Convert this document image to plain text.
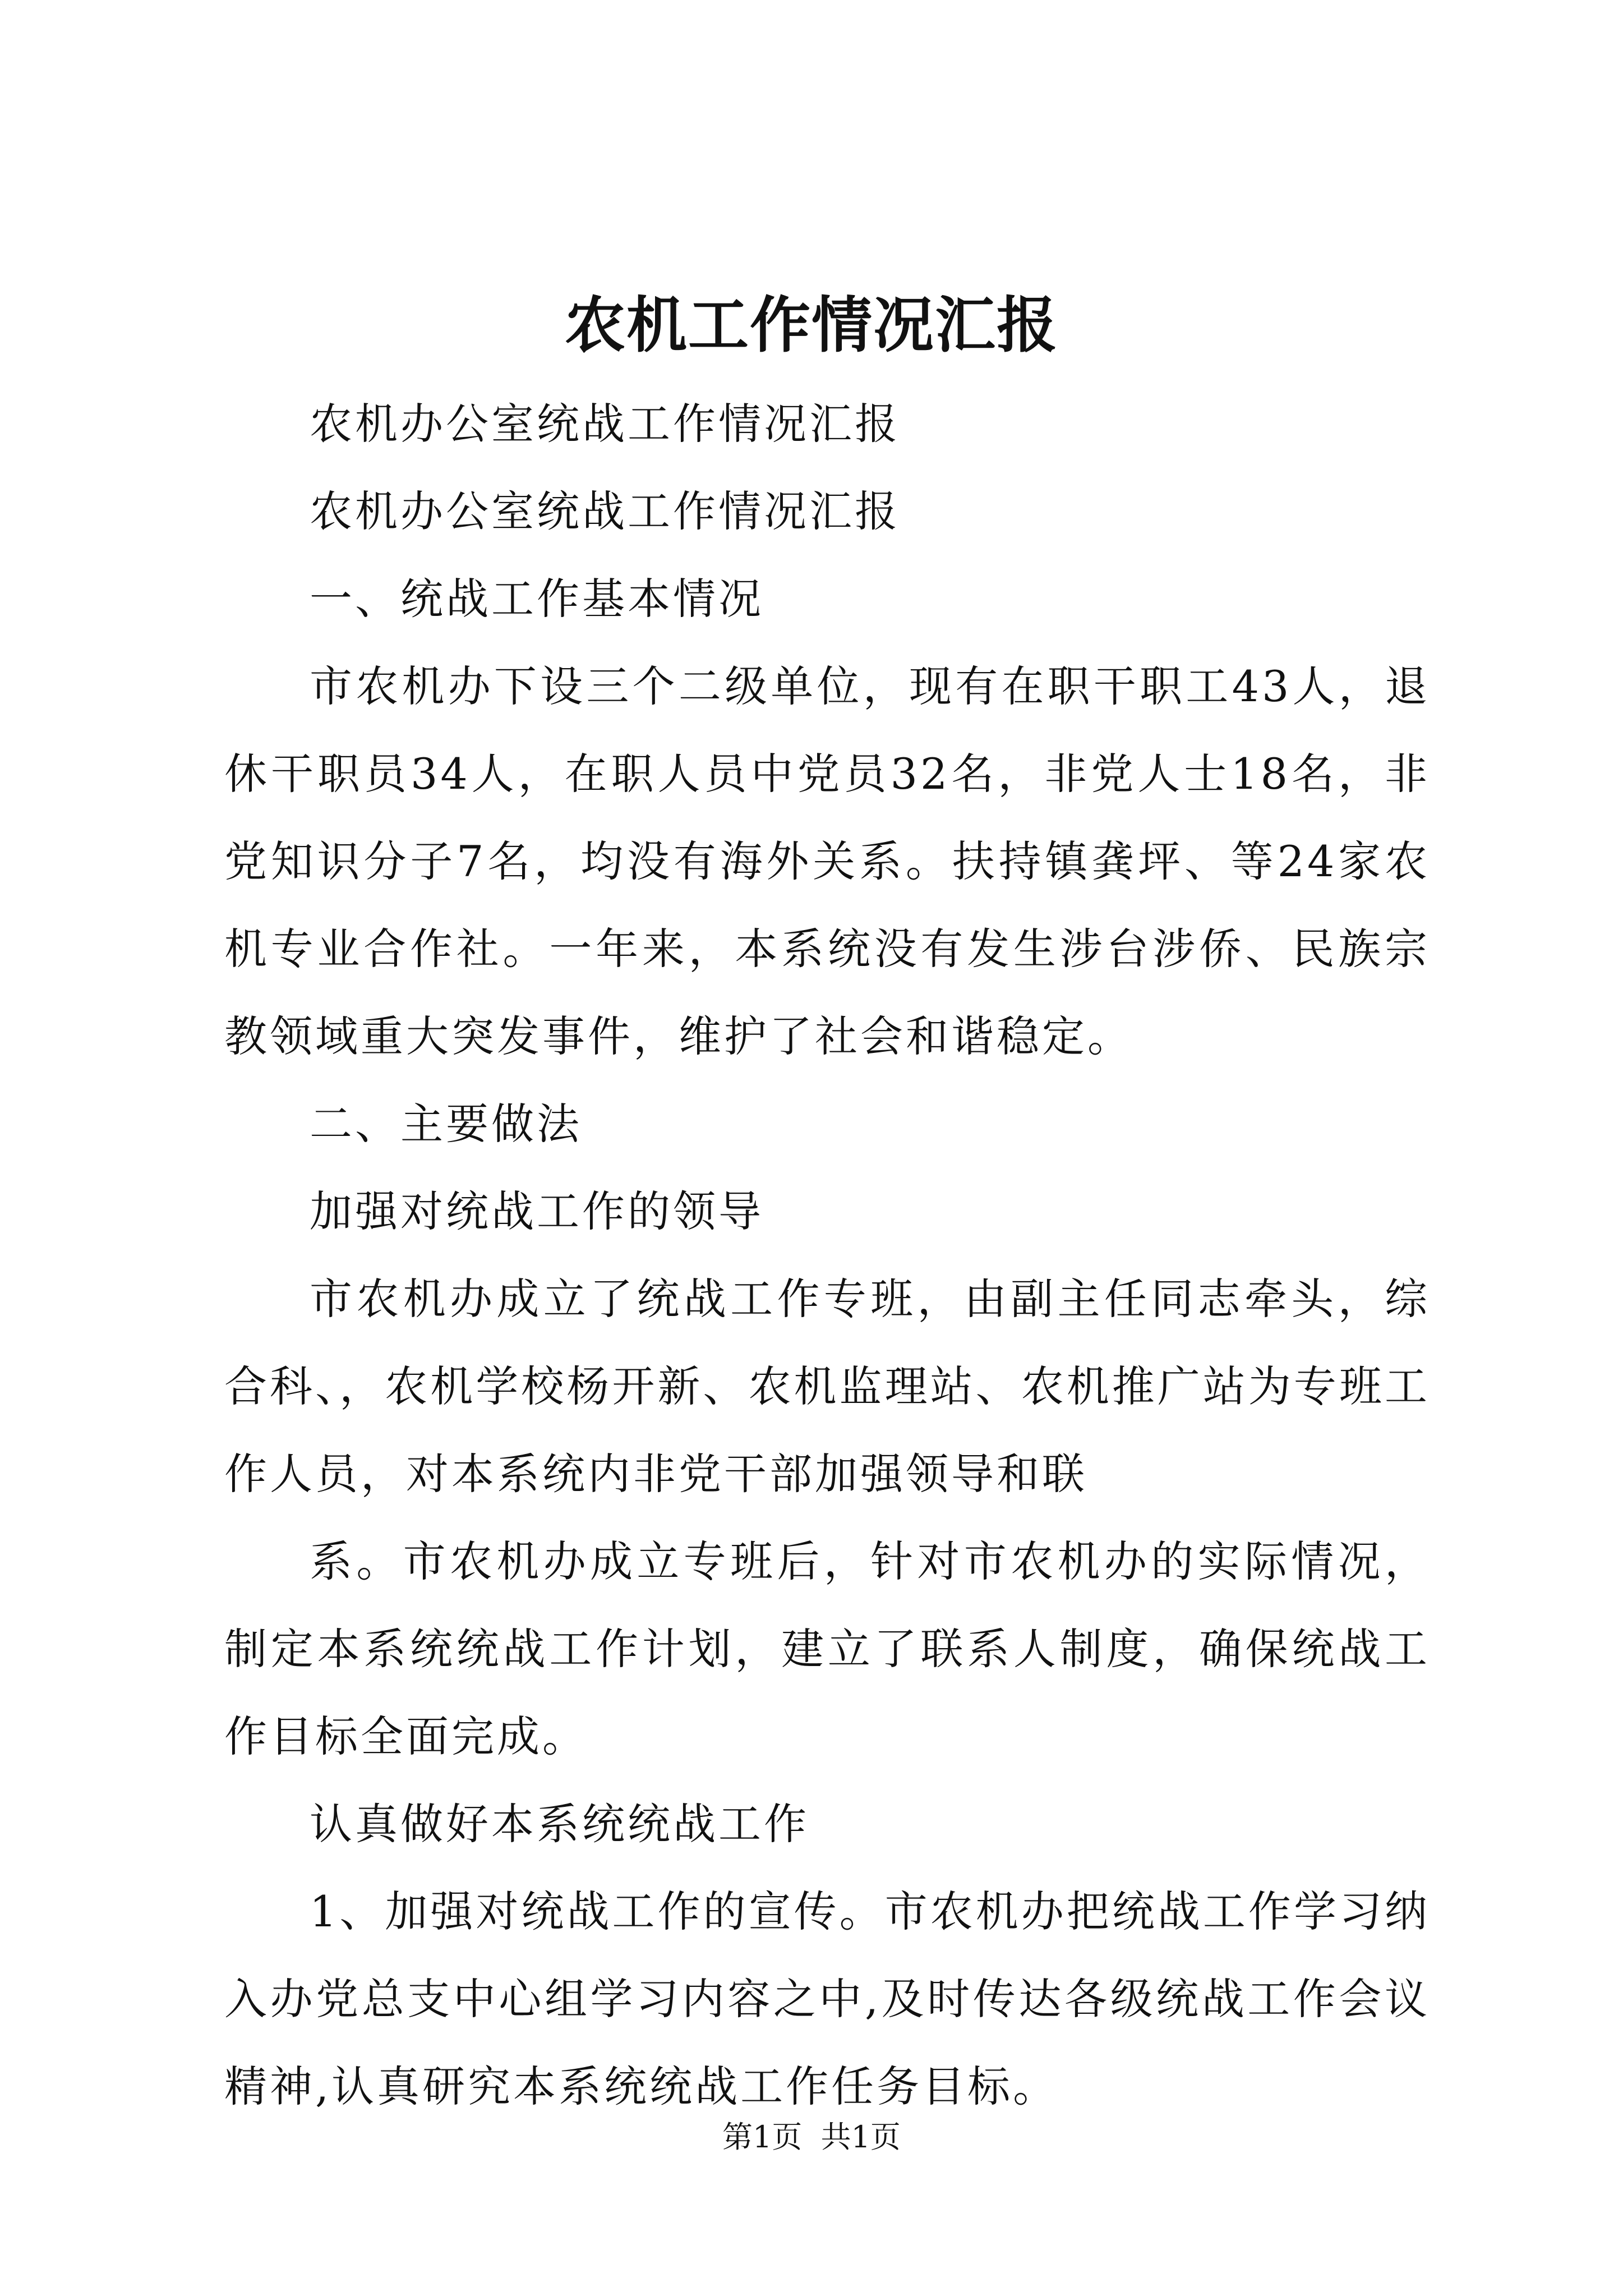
农机工作情况汇报

农机办公室统战工作情况汇报

农机办公室统战工作情况汇报

一、统战工作基本情况

市农机办下设三个二级单位，现有在职干职工43人，退休干职员34人，在职人员中党员32名，非党人士18名，非党知识分子7名，均没有海外关系。扶持镇龚坪、等24家农机专业合作社。一年来，本系统没有发生涉台涉侨、民族宗教领域重大突发事件，维护了社会和谐稳定。

二、主要做法

加强对统战工作的领导

市农机办成立了统战工作专班，由副主任同志牵头，综合科、，农机学校杨开新、农机监理站、农机推广站为专班工作人员，对本系统内非党干部加强领导和联

系。市农机办成立专班后，针对市农机办的实际情况，制定本系统统战工作计划，建立了联系人制度，确保统战工作目标全面完成。

认真做好本系统统战工作

1、加强对统战工作的宣传。市农机办把统战工作学习纳入办党总支中心组学习内容之中,及时传达各级统战工作会议精神,认真研究本系统统战工作任务目标。

第1页 共1页
